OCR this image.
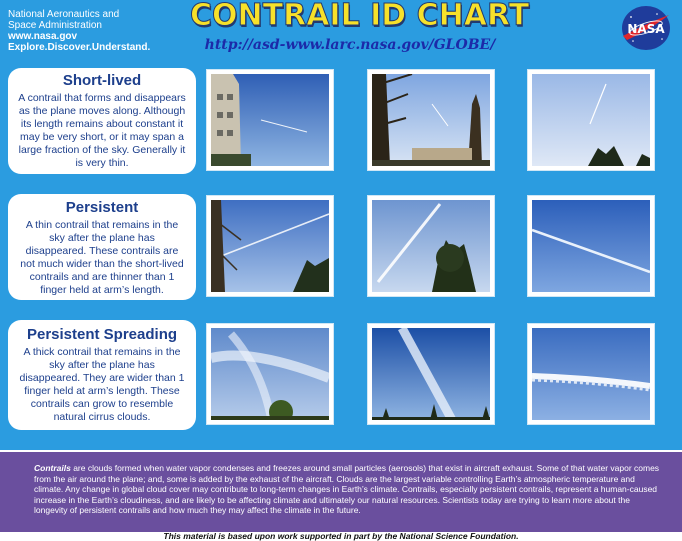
National Aeronautics and
Space Administration
www.nasa.gov
Explore.Discover.Understand.
CONTRAIL ID CHART
http://asd-www.larc.nasa.gov/GLOBE/
NASA
Short-lived

A contrail that forms and disappears as the plane moves along. Although its length remains about constant it may be very short, or it may span a large fraction of the sky. Generally it is very thin.

Persistent

A thin contrail that remains in the sky after the plane has disappeared. These contrails are not much wider than the short-lived contrails and are thinner than 1 finger held at arm’s length.

Persistent Spreading

A thick contrail that remains in the sky after the plane has disappeared. They are wider than 1 finger held at arm’s length. These contrails can grow to resemble natural cirrus clouds.

Contrails are clouds formed when water vapor condenses and freezes around small particles (aerosols) that exist in aircraft exhaust. Some of that water vapor comes from the air around the plane; and, some is added by the exhaust of the aircraft. Clouds are the largest variable controlling Earth’s atmospheric temperature and climate. Any change in global cloud cover may contribute to long-term changes in Earth’s climate. Contrails, especially persistent contrails, represent a human-caused increase in the Earth’s cloudiness, and are likely to be affecting climate and ultimately our natural resources. Scientists today are trying to learn more about the longevity of persistent contrails and how much they may affect the climate in the future.
This material is based upon work supported in part by the National Science Foundation.
